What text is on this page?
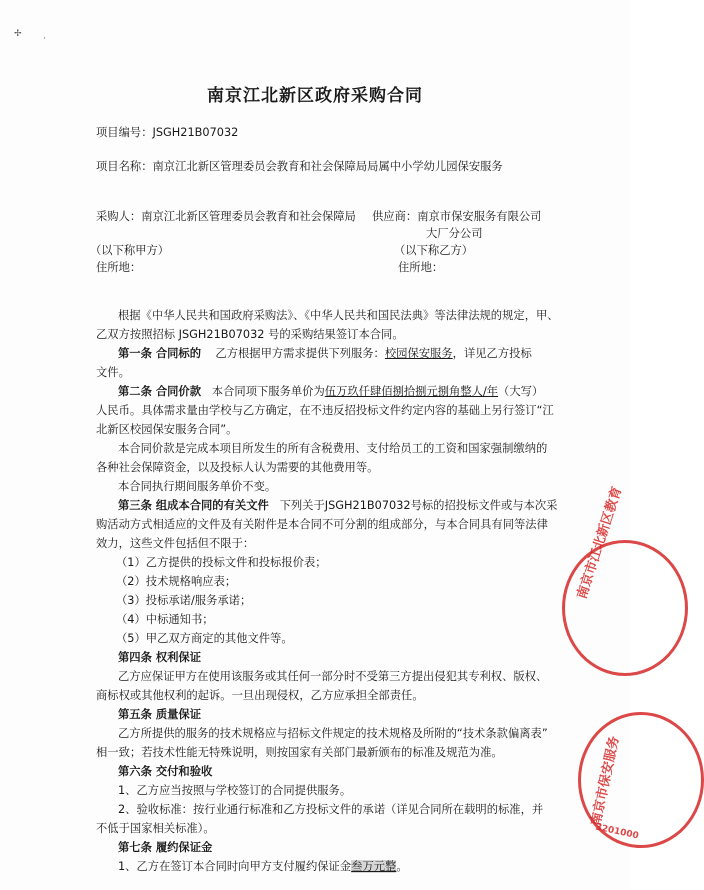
✢ ·
南京江北新区政府采购合同
项目编号：JSGH21B07032
项目名称：南京江北新区管理委员会教育和社会保障局局属中小学幼儿园保安服务
采购人：南京江北新区管理委员会教育和社会保障局 供应商：南京市保安服务有限公司
大厂分公司
（以下称甲方）	（以下称乙方）
住所地：	住所地：
根据《中华人民共和国政府采购法》、《中华人民共和国民法典》等法律法规的规定，甲、
乙双方按照招标 JSGH21B07032 号的采购结果签订本合同。
第一条 合同标的 乙方根据甲方需求提供下列服务：校园保安服务，详见乙方投标
文件。
第二条 合同价款 本合同项下服务单价为伍万玖仟肆佰捌拾捌元捌角整人/年（大写）
人民币。具体需求量由学校与乙方确定，在不违反招投标文件约定内容的基础上另行签订“江
北新区校园保安服务合同”。
本合同价款是完成本项目所发生的所有含税费用、支付给员工的工资和国家强制缴纳的
各种社会保障资金，以及投标人认为需要的其他费用等。
本合同执行期间服务单价不变。
第三条 组成本合同的有关文件 下列关于JSGH21B07032号标的招投标文件或与本次采
购活动方式相适应的文件及有关附件是本合同不可分割的组成部分，与本合同具有同等法律
效力，这些文件包括但不限于：
（1）乙方提供的投标文件和投标报价表；
（2）技术规格响应表；
（3）投标承诺/服务承诺；
（4）中标通知书；
（5）甲乙双方商定的其他文件等。
第四条 权利保证
乙方应保证甲方在使用该服务或其任何一部分时不受第三方提出侵犯其专利权、版权、
商标权或其他权利的起诉。一旦出现侵权，乙方应承担全部责任。
第五条 质量保证
乙方所提供的服务的技术规格应与招标文件规定的技术规格及所附的“技术条款偏离表”
相一致；若技术性能无特殊说明，则按国家有关部门最新颁布的标准及规范为准。
第六条 交付和验收
1、乙方应当按照与学校签订的合同提供服务。
2、验收标准：按行业通行标准和乙方投标文件的承诺（详见合同所在载明的标准，并
不低于国家相关标准）。
第七条 履约保证金
1、乙方在签订本合同时向甲方支付履约保证金叁万元整。
南京市江北新区教育
南京市保安服务
3201000
